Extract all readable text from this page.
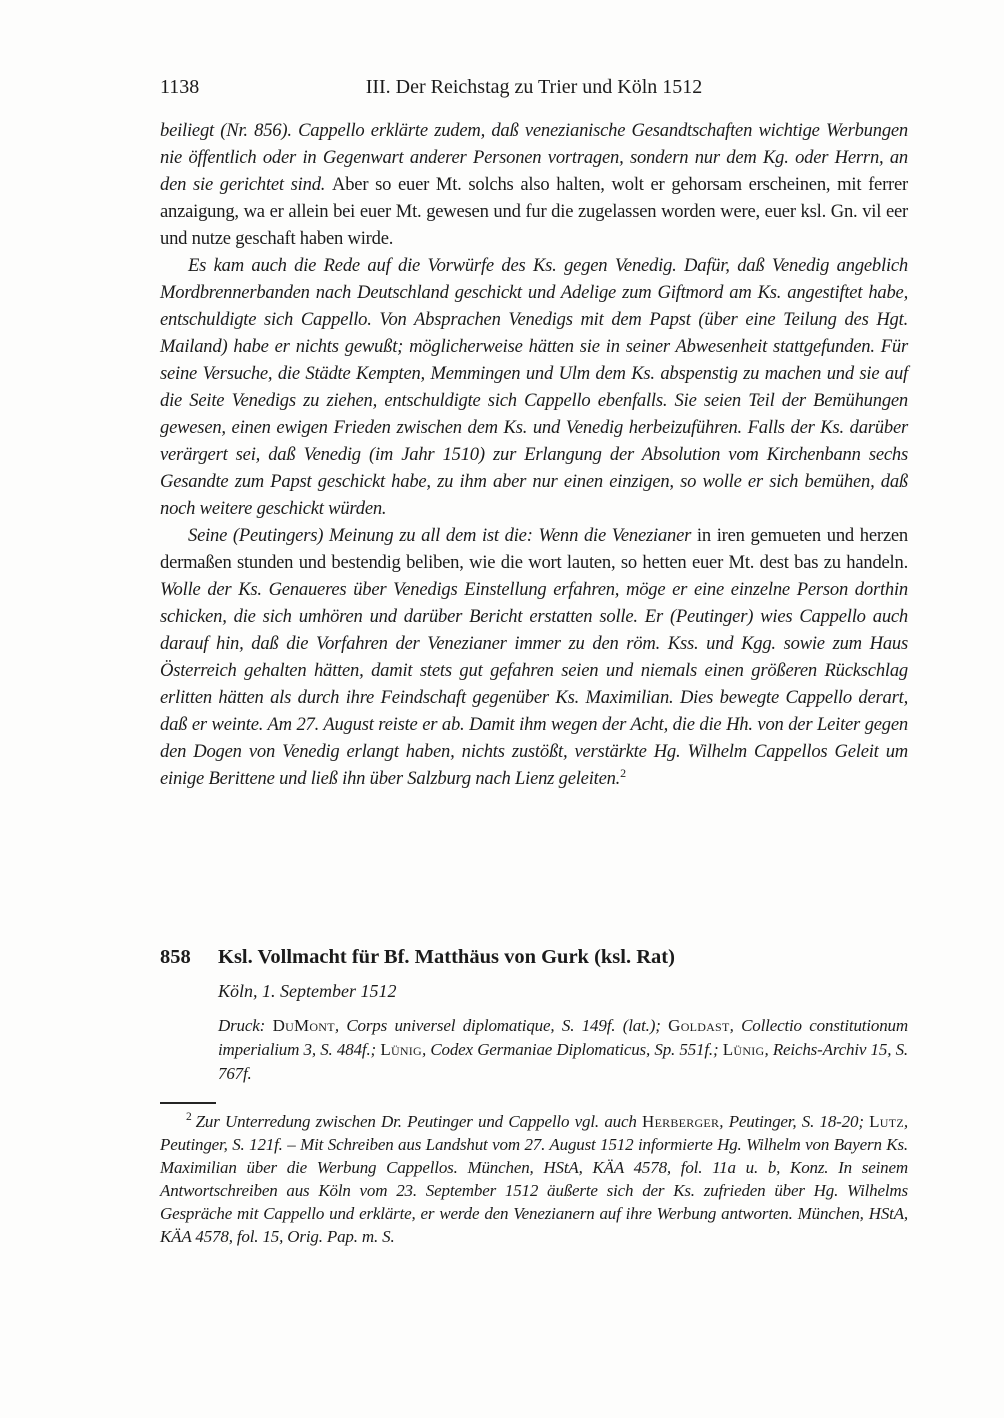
1138	III. Der Reichstag zu Trier und Köln 1512

beiliegt (Nr. 856). Cappello erklärte zudem, daß venezianische Gesandtschaften wichtige Werbungen nie öffentlich oder in Gegenwart anderer Personen vortragen, sondern nur dem Kg. oder Herrn, an den sie gerichtet sind. Aber so euer Mt. solchs also halten, wolt er gehorsam erscheinen, mit ferrer anzaigung, wa er allein bei euer Mt. gewesen und fur die zugelassen worden were, euer ksl. Gn. vil eer und nutze geschaft haben wirde.

Es kam auch die Rede auf die Vorwürfe des Ks. gegen Venedig. Dafür, daß Venedig angeblich Mordbrennerbanden nach Deutschland geschickt und Adelige zum Giftmord am Ks. angestiftet habe, entschuldigte sich Cappello. Von Absprachen Venedigs mit dem Papst (über eine Teilung des Hgt. Mailand) habe er nichts gewußt; möglicherweise hätten sie in seiner Abwesenheit stattgefunden. Für seine Versuche, die Städte Kempten, Memmingen und Ulm dem Ks. abspenstig zu machen und sie auf die Seite Venedigs zu ziehen, entschuldigte sich Cappello ebenfalls. Sie seien Teil der Bemühungen gewesen, einen ewigen Frieden zwischen dem Ks. und Venedig herbeizuführen. Falls der Ks. darüber verärgert sei, daß Venedig (im Jahr 1510) zur Erlangung der Absolution vom Kirchenbann sechs Gesandte zum Papst geschickt habe, zu ihm aber nur einen einzigen, so wolle er sich bemühen, daß noch weitere geschickt würden.

Seine (Peutingers) Meinung zu all dem ist die: Wenn die Venezianer in iren gemueten und herzen dermaßen stunden und bestendig beliben, wie die wort lauten, so hetten euer Mt. dest bas zu handeln. Wolle der Ks. Genaueres über Venedigs Einstellung erfahren, möge er eine einzelne Person dorthin schicken, die sich umhören und darüber Bericht erstatten solle. Er (Peutinger) wies Cappello auch darauf hin, daß die Vorfahren der Venezianer immer zu den röm. Kss. und Kgg. sowie zum Haus Österreich gehalten hätten, damit stets gut gefahren seien und niemals einen größeren Rückschlag erlitten hätten als durch ihre Feindschaft gegenüber Ks. Maximilian. Dies bewegte Cappello derart, daß er weinte. Am 27. August reiste er ab. Damit ihm wegen der Acht, die die Hh. von der Leiter gegen den Dogen von Venedig erlangt haben, nichts zustößt, verstärkte Hg. Wilhelm Cappellos Geleit um einige Berittene und ließ ihn über Salzburg nach Lienz geleiten.$^2$

858	Ksl. Vollmacht für Bf. Matthäus von Gurk (ksl. Rat)

Köln, 1. September 1512

Druck: DuMont, Corps universel diplomatique, S. 149f. (lat.); Goldast, Collectio constitutionum imperialium 3, S. 484f.; Lünig, Codex Germaniae Diplomaticus, Sp. 551f.; Lünig, Reichs-Archiv 15, S. 767f.

$^2$ Zur Unterredung zwischen Dr. Peutinger und Cappello vgl. auch Herberger, Peutinger, S. 18-20; Lutz, Peutinger, S. 121f. – Mit Schreiben aus Landshut vom 27. August 1512 informierte Hg. Wilhelm von Bayern Ks. Maximilian über die Werbung Cappellos. München, HStA, KÄA 4578, fol. 11a u. b, Konz. In seinem Antwortschreiben aus Köln vom 23. September 1512 äußerte sich der Ks. zufrieden über Hg. Wilhelms Gespräche mit Cappello und erklärte, er werde den Venezianern auf ihre Werbung antworten. München, HStA, KÄA 4578, fol. 15, Orig. Pap. m. S.
